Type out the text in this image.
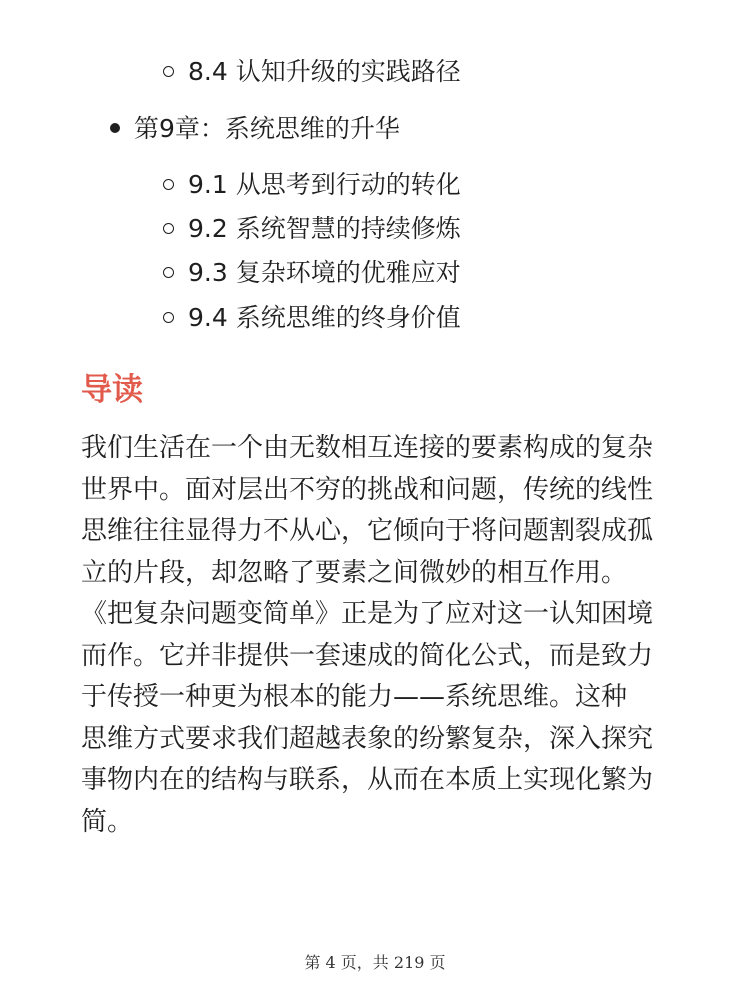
8.4 认知升级的实践路径
第9章：系统思维的升华
9.1 从思考到行动的转化
9.2 系统智慧的持续修炼
9.3 复杂环境的优雅应对
9.4 系统思维的终身价值
导读
我们生活在一个由无数相互连接的要素构成的复杂
世界中。面对层出不穷的挑战和问题，传统的线性
思维往往显得力不从心，它倾向于将问题割裂成孤
立的片段，却忽略了要素之间微妙的相互作用。
《把复杂问题变简单》正是为了应对这一认知困境
而作。它并非提供一套速成的简化公式，而是致力
于传授一种更为根本的能力——系统思维。这种
思维方式要求我们超越表象的纷繁复杂，深入探究
事物内在的结构与联系，从而在本质上实现化繁为
简。
第 4 页，共 219 页
